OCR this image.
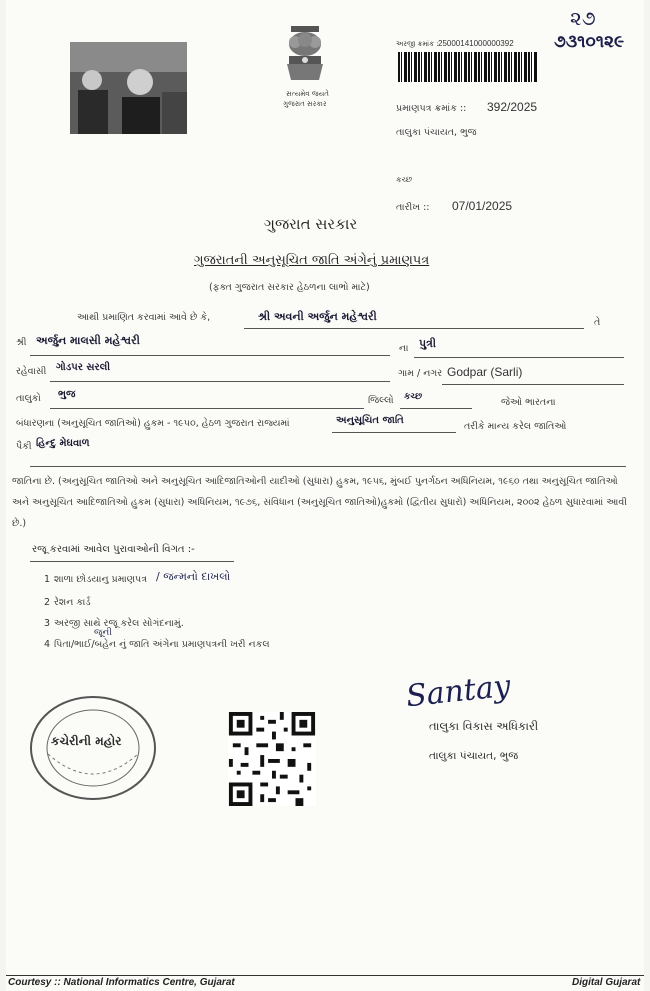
૨૭
૭૩૧૦૧૨૯
સત્યમેવ જયતે
ગુજરાત સરકાર
અરજી ક્રમાંક : 25000141000000392
પ્રમાણપત્ર ક્રમાંક :: 392/2025
તાલુકા પંચાયત, ભુજ
કચ્છ
તારીખ :: 07/01/2025
ગુજરાત સરકાર
ગુજરાતની અનુસૂચિત જાતિ અંગેનું પ્રમાણપત્ર
(ફક્ત ગુજરાત સરકાર હેઠળના લાભો માટે)
આથી પ્રમાણિત કરવામાં આવે છે કે,	શ્રી અવની અર્જુન મહેશ્વરી	તે
શ્રી અર્જુન માલસી મહેશ્વરી
ના પુત્રી
રહેવાસી ગોડપર સરલી
ગામ / નગર Godpar (Sarli)
તાલુકો ભુજ
જિલ્લો કચ્છ	જેઓ ભારતના
બંધારણના (અનુસૂચિત જાતિઓ) હુકમ - ૧૯૫૦, હેઠળ ગુજરાત રાજ્યમાં	અનુસૂચિત જાતિ
તરીકે માન્ય કરેલ જાતિઓ
પૈકી હિન્દુ મેઘવાળ
જાતિના છે. (અનુસૂચિત જાતિઓ અને અનુસૂચિત આદિજાતિઓની યાદીઓ (સુધારા) હુકમ, ૧૯૫૬, મુંબઈ પુનર્ગઠન અધિનિયમ, ૧૯૬૦ તથા અનુસૂચિત જાતિઓ અને અનુસૂચિત આદિજાતિઓ હુકમ (સુધારા) અધિનિયમ, ૧૯૭૬, સંવિધાન (અનુસૂચિત જાતિઓ)હુકમો (દ્વિતીય સુધારો) અધિનિયમ, ૨૦૦૨ હેઠળ સુધારવામાં આવી છે.)
રજૂ કરવામાં આવેલ પુરાવાઓની વિગત :-
1 શાળા છોડયાનુ પ્રમાણપત્ર / જન્મનો દાખલો
2 રેશન કાર્ડ
3 અરજી સાથે રજૂ કરેલ સોગંદનામું.
4 પિતા/ભાઈ/બહેન નું જાતિ અંગેના પ્રમાણપત્રની ખરી નકલ
જૂની
કચેરીની મહોર
Santay
તાલુકા વિકાસ અધિકારી
તાલુકા પંચાયત, ભુજ
Courtesy :: National Informatics Centre, Gujarat	Digital Gujarat
